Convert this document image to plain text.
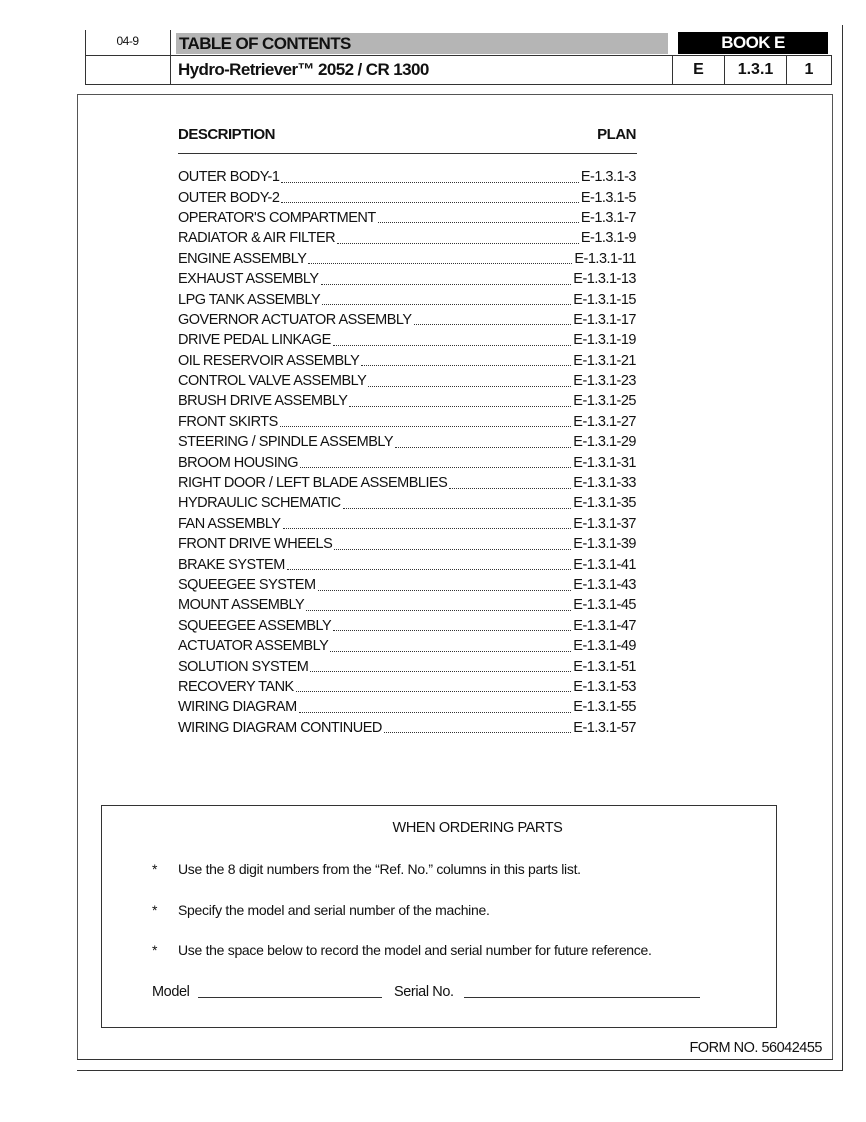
04-9	TABLE OF CONTENTS
Hydro-Retriever™ 2052 / CR 1300
BOOK E
E	1.3.1	1
DESCRIPTION	PLAN
OUTER BODY-1	E-1.3.1-3
OUTER BODY-2	E-1.3.1-5
OPERATOR'S COMPARTMENT	E-1.3.1-7
RADIATOR & AIR FILTER	E-1.3.1-9
ENGINE ASSEMBLY	E-1.3.1-11
EXHAUST ASSEMBLY	E-1.3.1-13
LPG TANK ASSEMBLY	E-1.3.1-15
GOVERNOR ACTUATOR ASSEMBLY	E-1.3.1-17
DRIVE PEDAL LINKAGE	E-1.3.1-19
OIL RESERVOIR ASSEMBLY	E-1.3.1-21
CONTROL VALVE ASSEMBLY	E-1.3.1-23
BRUSH DRIVE ASSEMBLY	E-1.3.1-25
FRONT SKIRTS	E-1.3.1-27
STEERING / SPINDLE ASSEMBLY	E-1.3.1-29
BROOM HOUSING	E-1.3.1-31
RIGHT DOOR / LEFT BLADE ASSEMBLIES	E-1.3.1-33
HYDRAULIC SCHEMATIC	E-1.3.1-35
FAN ASSEMBLY	E-1.3.1-37
FRONT DRIVE WHEELS	E-1.3.1-39
BRAKE SYSTEM	E-1.3.1-41
SQUEEGEE SYSTEM	E-1.3.1-43
MOUNT ASSEMBLY	E-1.3.1-45
SQUEEGEE ASSEMBLY	E-1.3.1-47
ACTUATOR ASSEMBLY	E-1.3.1-49
SOLUTION SYSTEM	E-1.3.1-51
RECOVERY TANK	E-1.3.1-53
WIRING DIAGRAM	E-1.3.1-55
WIRING DIAGRAM CONTINUED	E-1.3.1-57
WHEN ORDERING PARTS
* Use the 8 digit numbers from the “Ref. No.” columns in this parts list.
* Specify the model and serial number of the machine.
* Use the space below to record the model and serial number for future reference.
Model	Serial No.
FORM NO. 56042455
